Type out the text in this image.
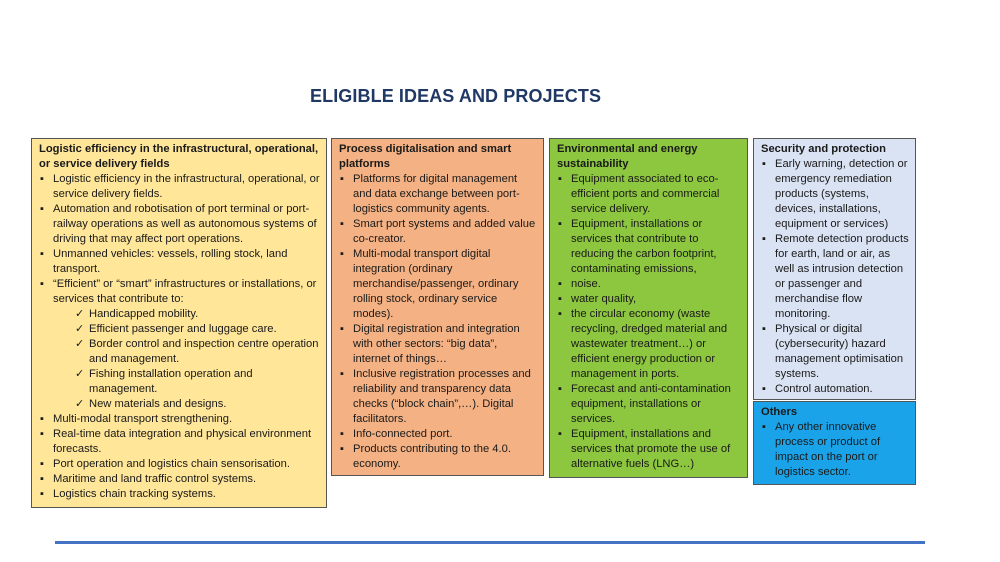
ELIGIBLE IDEAS AND PROJECTS
Logistic efficiency in the infrastructural, operational, or service delivery fields
▪ Logistic efficiency in the infrastructural, operational, or service delivery fields.
▪ Automation and robotisation of port terminal or port-railway operations as well as autonomous systems of driving that may affect port operations.
▪ Unmanned vehicles: vessels, rolling stock, land transport.
▪ “Efficient” or “smart” infrastructures or installations, or services that contribute to:
✓ Handicapped mobility.
✓ Efficient passenger and luggage care.
✓ Border control and inspection centre operation and management.
✓ Fishing installation operation and management.
✓ New materials and designs.
▪ Multi-modal transport strengthening.
▪ Real-time data integration and physical environment forecasts.
▪ Port operation and logistics chain sensorisation.
▪ Maritime and land traffic control systems.
▪ Logistics chain tracking systems.
Process digitalisation and smart platforms
▪ Platforms for digital management and data exchange between port-logistics community agents.
▪ Smart port systems and added value co-creator.
▪ Multi-modal transport digital integration (ordinary merchandise/passenger, ordinary rolling stock, ordinary service modes).
▪ Digital registration and integration with other sectors: “big data”, internet of things…
▪ Inclusive registration processes and reliability and transparency data checks (“block chain”,…). Digital facilitators.
▪ Info-connected port.
▪ Products contributing to the 4.0. economy.
Environmental and energy sustainability
▪ Equipment associated to eco-efficient ports and commercial service delivery.
▪ Equipment, installations or services that contribute to reducing the carbon footprint, contaminating emissions,
▪ noise.
▪ water quality,
▪ the circular economy (waste recycling, dredged material and wastewater treatment…) or efficient energy production or management in ports.
▪ Forecast and anti-contamination equipment, installations or services.
▪ Equipment, installations and services that promote the use of alternative fuels (LNG…)
Security and protection
▪ Early warning, detection or emergency remediation products (systems, devices, installations, equipment or services)
▪ Remote detection products for earth, land or air, as well as intrusion detection or passenger and merchandise flow monitoring.
▪ Physical or digital (cybersecurity) hazard management optimisation systems.
▪ Control automation.
Others
▪ Any other innovative process or product of impact on the port or logistics sector.
